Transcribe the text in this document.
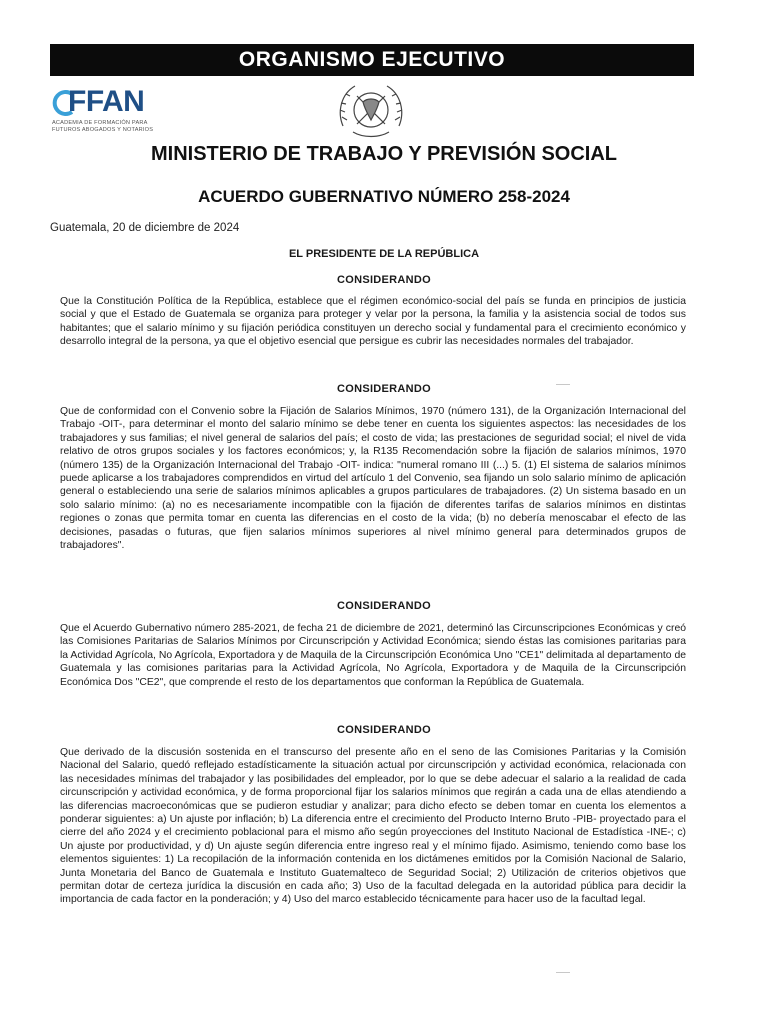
ORGANISMO EJECUTIVO
FFAN
ACADEMIA DE FORMACIÓN PARA
FUTUROS ABOGADOS Y NOTARIOS
MINISTERIO DE TRABAJO Y PREVISIÓN SOCIAL
ACUERDO GUBERNATIVO NÚMERO 258-2024
Guatemala, 20 de diciembre de 2024
EL PRESIDENTE DE LA REPÚBLICA
CONSIDERANDO
Que la Constitución Política de la República, establece que el régimen económico-social del país se funda en principios de justicia social y que el Estado de Guatemala se organiza para proteger y velar por la persona, la familia y la asistencia social de todos sus habitantes; que el salario mínimo y su fijación periódica constituyen un derecho social y fundamental para el crecimiento económico y desarrollo integral de la persona, ya que el objetivo esencial que persigue es cubrir las necesidades normales del trabajador.
CONSIDERANDO
Que de conformidad con el Convenio sobre la Fijación de Salarios Mínimos, 1970 (número 131), de la Organización Internacional del Trabajo -OIT-, para determinar el monto del salario mínimo se debe tener en cuenta los siguientes aspectos: las necesidades de los trabajadores y sus familias; el nivel general de salarios del país; el costo de vida; las prestaciones de seguridad social; el nivel de vida relativo de otros grupos sociales y los factores económicos; y, la R135 Recomendación sobre la fijación de salarios mínimos, 1970 (número 135) de la Organización Internacional del Trabajo -OIT- indica: "numeral romano III (...) 5. (1) El sistema de salarios mínimos puede aplicarse a los trabajadores comprendidos en virtud del artículo 1 del Convenio, sea fijando un solo salario mínimo de aplicación general o estableciendo una serie de salarios mínimos aplicables a grupos particulares de trabajadores. (2) Un sistema basado en un solo salario mínimo: (a) no es necesariamente incompatible con la fijación de diferentes tarifas de salarios mínimos en distintas regiones o zonas que permita tomar en cuenta las diferencias en el costo de la vida; (b) no debería menoscabar el efecto de las decisiones, pasadas o futuras, que fijen salarios mínimos superiores al nivel mínimo general para determinados grupos de trabajadores".
CONSIDERANDO
Que el Acuerdo Gubernativo número 285-2021, de fecha 21 de diciembre de 2021, determinó las Circunscripciones Económicas y creó las Comisiones Paritarias de Salarios Mínimos por Circunscripción y Actividad Económica; siendo éstas las comisiones paritarias para la Actividad Agrícola, No Agrícola, Exportadora y de Maquila de la Circunscripción Económica Uno "CE1" delimitada al departamento de Guatemala y las comisiones paritarias para la Actividad Agrícola, No Agrícola, Exportadora y de Maquila de la Circunscripción Económica Dos "CE2", que comprende el resto de los departamentos que conforman la República de Guatemala.
CONSIDERANDO
Que derivado de la discusión sostenida en el transcurso del presente año en el seno de las Comisiones Paritarias y la Comisión Nacional del Salario, quedó reflejado estadísticamente la situación actual por circunscripción y actividad económica, relacionada con las necesidades mínimas del trabajador y las posibilidades del empleador, por lo que se debe adecuar el salario a la realidad de cada circunscripción y actividad económica, y de forma proporcional fijar los salarios mínimos que regirán a cada una de ellas atendiendo a las diferencias macroeconómicas que se pudieron estudiar y analizar; para dicho efecto se deben tomar en cuenta los elementos a ponderar siguientes: a) Un ajuste por inflación; b) La diferencia entre el crecimiento del Producto Interno Bruto -PIB- proyectado para el cierre del año 2024 y el crecimiento poblacional para el mismo año según proyecciones del Instituto Nacional de Estadística -INE-; c) Un ajuste por productividad, y d) Un ajuste según diferencia entre ingreso real y el mínimo fijado. Asimismo, teniendo como base los elementos siguientes: 1) La recopilación de la información contenida en los dictámenes emitidos por la Comisión Nacional de Salario, Junta Monetaria del Banco de Guatemala e Instituto Guatemalteco de Seguridad Social; 2) Utilización de criterios objetivos que permitan dotar de certeza jurídica la discusión en cada año; 3) Uso de la facultad delegada en la autoridad pública para decidir la importancia de cada factor en la ponderación; y 4) Uso del marco establecido técnicamente para hacer uso de la facultad legal.
